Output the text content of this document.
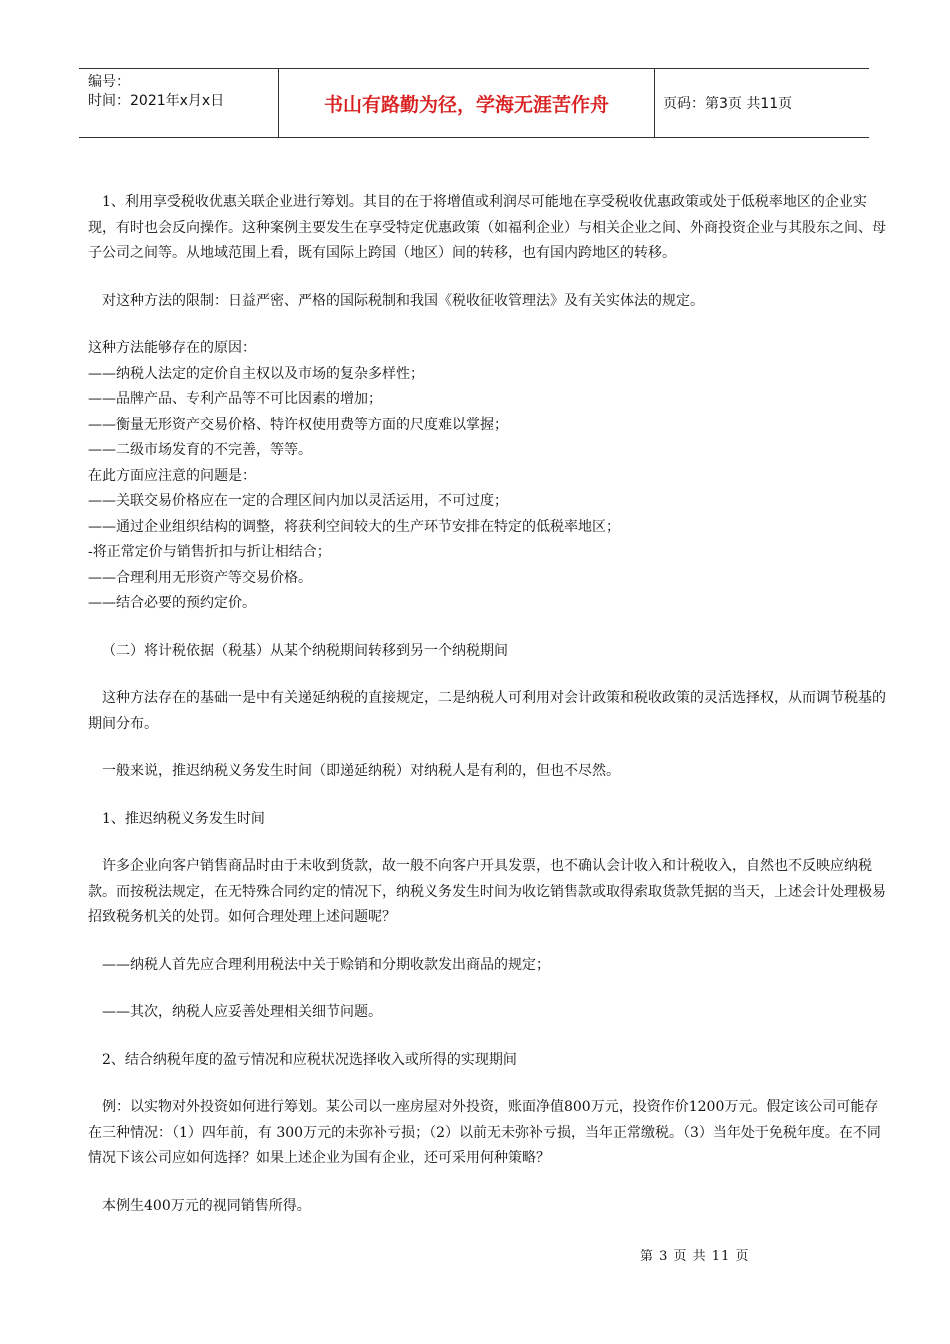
编号：
时间：2021年x月x日	书山有路勤为径，学海无涯苦作舟	页码：第3页 共11页

1、利用享受税收优惠关联企业进行筹划。其目的在于将增值或利润尽可能地在享受税收优惠政策或处于低税率地区的企业实现，有时也会反向操作。这种案例主要发生在享受特定优惠政策（如福利企业）与相关企业之间、外商投资企业与其股东之间、母子公司之间等。从地域范围上看，既有国际上跨国（地区）间的转移，也有国内跨地区的转移。

对这种方法的限制：日益严密、严格的国际税制和我国《税收征收管理法》及有关实体法的规定。

这种方法能够存在的原因：

——纳税人法定的定价自主权以及市场的复杂多样性；

——品牌产品、专利产品等不可比因素的增加；

——衡量无形资产交易价格、特许权使用费等方面的尺度难以掌握；

——二级市场发育的不完善，等等。

在此方面应注意的问题是：

——关联交易价格应在一定的合理区间内加以灵活运用，不可过度；

——通过企业组织结构的调整，将获利空间较大的生产环节安排在特定的低税率地区；

-将正常定价与销售折扣与折让相结合；

——合理利用无形资产等交易价格。

——结合必要的预约定价。

（二）将计税依据（税基）从某个纳税期间转移到另一个纳税期间

这种方法存在的基础一是中有关递延纳税的直接规定，二是纳税人可利用对会计政策和税收政策的灵活选择权，从而调节税基的期间分布。

一般来说，推迟纳税义务发生时间（即递延纳税）对纳税人是有利的，但也不尽然。

1、推迟纳税义务发生时间

许多企业向客户销售商品时由于未收到货款，故一般不向客户开具发票，也不确认会计收入和计税收入，自然也不反映应纳税款。而按税法规定，在无特殊合同约定的情况下，纳税义务发生时间为收讫销售款或取得索取货款凭据的当天，上述会计处理极易招致税务机关的处罚。如何合理处理上述问题呢？

——纳税人首先应合理利用税法中关于赊销和分期收款发出商品的规定；

——其次，纳税人应妥善处理相关细节问题。

2、结合纳税年度的盈亏情况和应税状况选择收入或所得的实现期间

例：以实物对外投资如何进行筹划。某公司以一座房屋对外投资，账面净值800万元，投资作价1200万元。假定该公司可能存在三种情况：（1）四年前，有 300万元的未弥补亏损；（2）以前无未弥补亏损，当年正常缴税。（3）当年处于免税年度。在不同情况下该公司应如何选择？如果上述企业为国有企业，还可采用何种策略？

本例生400万元的视同销售所得。

第 3 页 共 11 页
